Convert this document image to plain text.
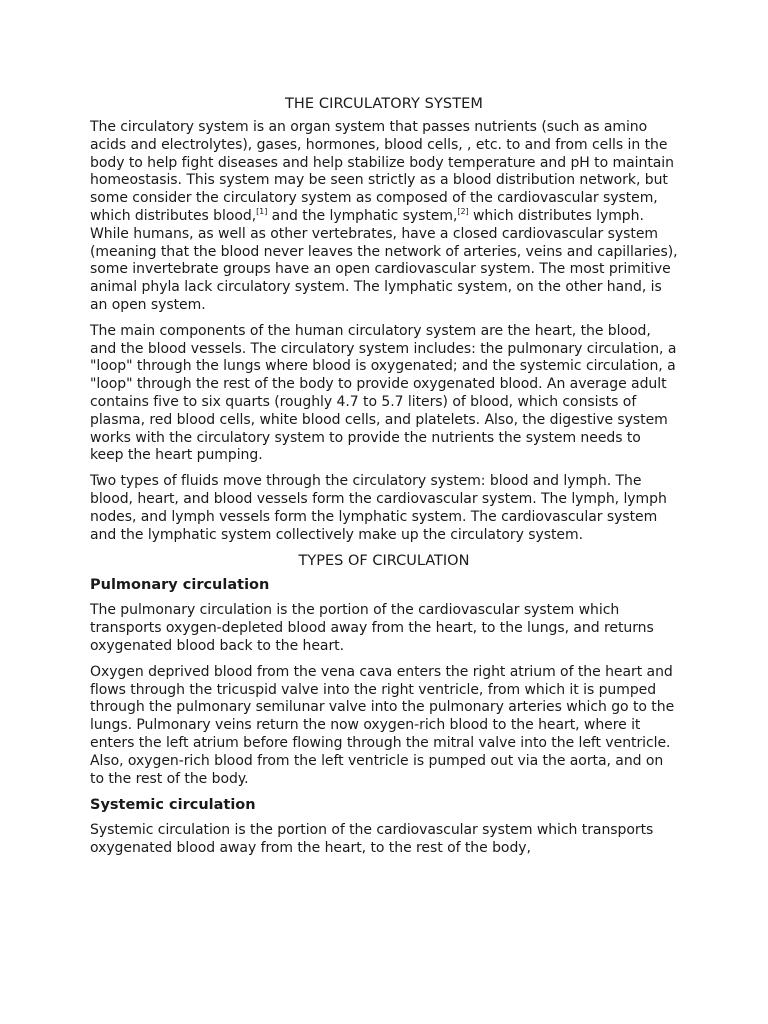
THE CIRCULATORY SYSTEM

The circulatory system is an organ system that passes nutrients (such as amino acids and electrolytes), gases, hormones, blood cells, , etc. to and from cells in the body to help fight diseases and help stabilize body temperature and pH to maintain homeostasis. This system may be seen strictly as a blood distribution network, but some consider the circulatory system as composed of the cardiovascular system, which distributes blood,[1] and the lymphatic system,[2] which distributes lymph. While humans, as well as other vertebrates, have a closed cardiovascular system (meaning that the blood never leaves the network of arteries, veins and capillaries), some invertebrate groups have an open cardiovascular system. The most primitive animal phyla lack circulatory system. The lymphatic system, on the other hand, is an open system.

The main components of the human circulatory system are the heart, the blood, and the blood vessels. The circulatory system includes: the pulmonary circulation, a "loop" through the lungs where blood is oxygenated; and the systemic circulation, a "loop" through the rest of the body to provide oxygenated blood. An average adult contains five to six quarts (roughly 4.7 to 5.7 liters) of blood, which consists of plasma, red blood cells, white blood cells, and platelets. Also, the digestive system works with the circulatory system to provide the nutrients the system needs to keep the heart pumping.

Two types of fluids move through the circulatory system: blood and lymph. The blood, heart, and blood vessels form the cardiovascular system. The lymph, lymph nodes, and lymph vessels form the lymphatic system. The cardiovascular system and the lymphatic system collectively make up the circulatory system.

TYPES OF CIRCULATION
Pulmonary circulation

The pulmonary circulation is the portion of the cardiovascular system which transports oxygen-depleted blood away from the heart, to the lungs, and returns oxygenated blood back to the heart.

Oxygen deprived blood from the vena cava enters the right atrium of the heart and flows through the tricuspid valve into the right ventricle, from which it is pumped through the pulmonary semilunar valve into the pulmonary arteries which go to the lungs. Pulmonary veins return the now oxygen-rich blood to the heart, where it enters the left atrium before flowing through the mitral valve into the left ventricle. Also, oxygen-rich blood from the left ventricle is pumped out via the aorta, and on to the rest of the body.

Systemic circulation

Systemic circulation is the portion of the cardiovascular system which transports oxygenated blood away from the heart, to the rest of the body,
